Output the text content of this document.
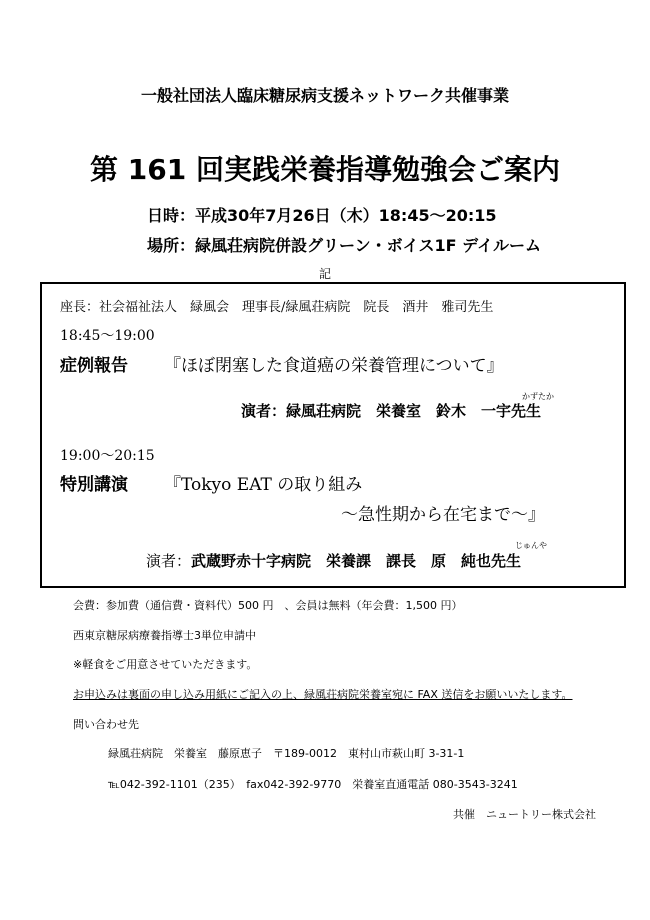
一般社団法人臨床糖尿病支援ネットワーク共催事業
第 161 回実践栄養指導勉強会ご案内
日時：平成30年7月26日（木）18:45～20:15
場所：緑風荘病院併設グリーン・ボイス1F デイルーム
記
座長：社会福祉法人　緑風会　理事長/緑風荘病院　院長　酒井　雅司先生
18:45～19:00
症例報告 『ほぼ閉塞した食道癌の栄養管理について』
かずたか
演者：緑風荘病院　栄養室　鈴木　一宇先生
19:00～20:15
特別講演 『Tokyo EAT の取り組み
～急性期から在宅まで～』
じゅんや
演者：武蔵野赤十字病院　栄養課　課長　原　純也先生
会費：参加費（通信費・資料代）500 円　、会員は無料（年会費：1,500 円）
西東京糖尿病療養指導士3単位申請中
※軽食をご用意させていただきます。
お申込みは裏面の申し込み用紙にご記入の上、緑風荘病院栄養室宛に FAX 送信をお願いいたします。
問い合わせ先
緑風荘病院　栄養室　藤原恵子　〒189-0012　東村山市萩山町 3-31-1
℡042-392-1101（235）　fax042-392-9770　栄養室直通電話 080-3543-3241
共催　ニュートリー株式会社
